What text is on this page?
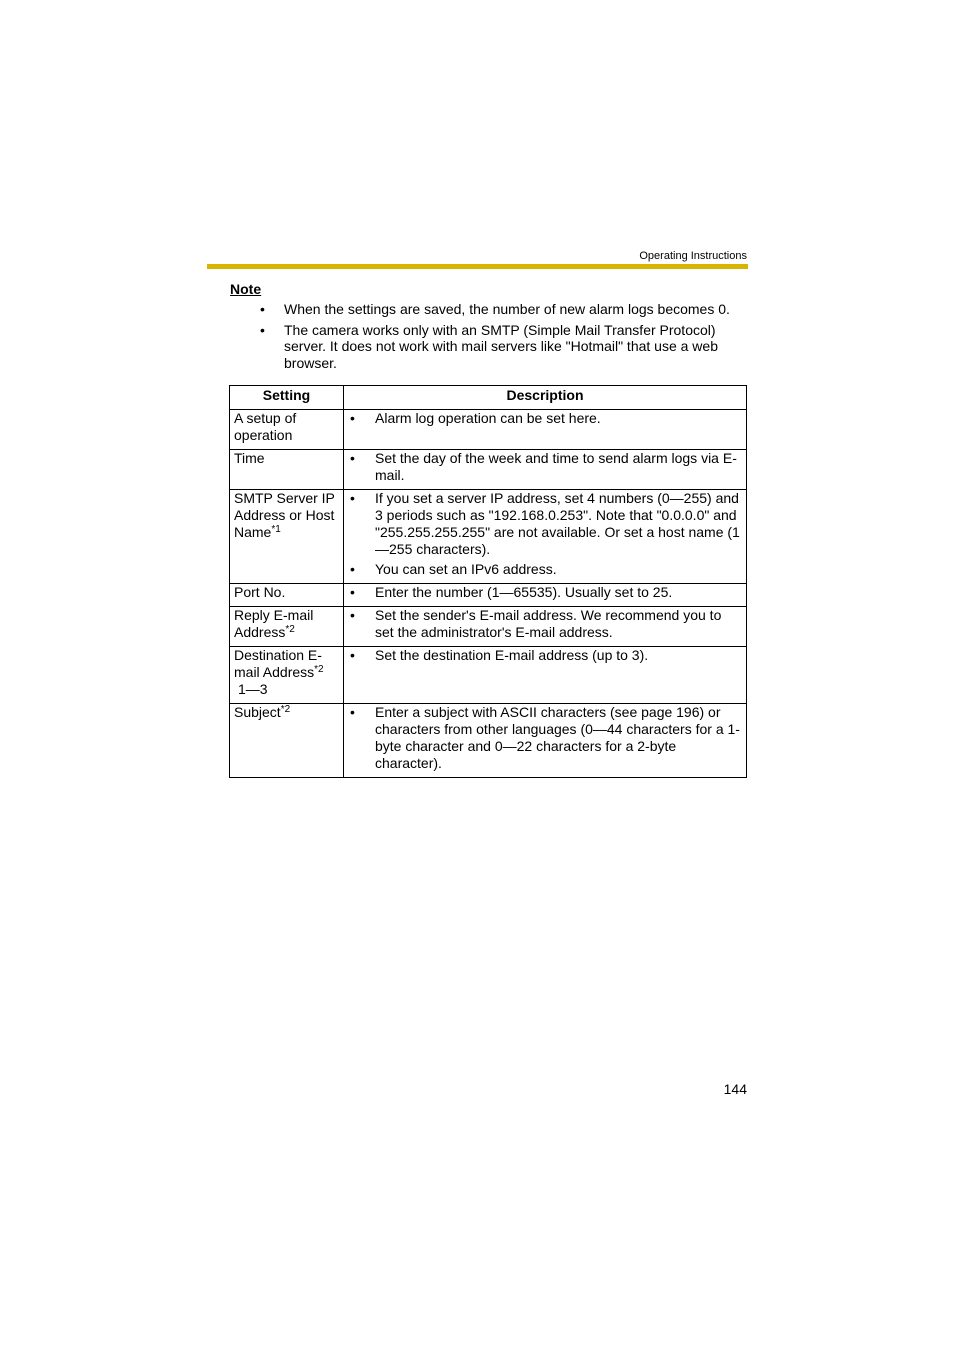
Operating Instructions
Note
• When the settings are saved, the number of new alarm logs becomes 0.
• The camera works only with an SMTP (Simple Mail Transfer Protocol) server. It does not work with mail servers like "Hotmail" that use a web browser.
Setting	Description
A setup of operation	• Alarm log operation can be set here.

Time	• Set the day of the week and time to send alarm logs via E-mail.

SMTP Server IP Address or Host Name$^{*1}$	• If you set a server IP address, set 4 numbers (0—255) and 3 periods such as "192.168.0.253". Note that "0.0.0.0" and "255.255.255.255" are not available. Or set a host name (1—255 characters).
• You can set an IPv6 address.

Port No.	• Enter the number (1—65535). Usually set to 25.

Reply E-mail Address$^{*2}$	• Set the sender's E-mail address. We recommend you to set the administrator's E-mail address.

Destination E-mail Address$^{*2}$
1—3	• Set the destination E-mail address (up to 3).

Subject$^{*2}$	• Enter a subject with ASCII characters (see page 196) or characters from other languages (0—44 characters for a 1-byte character and 0—22 characters for a 2-byte character).
144
